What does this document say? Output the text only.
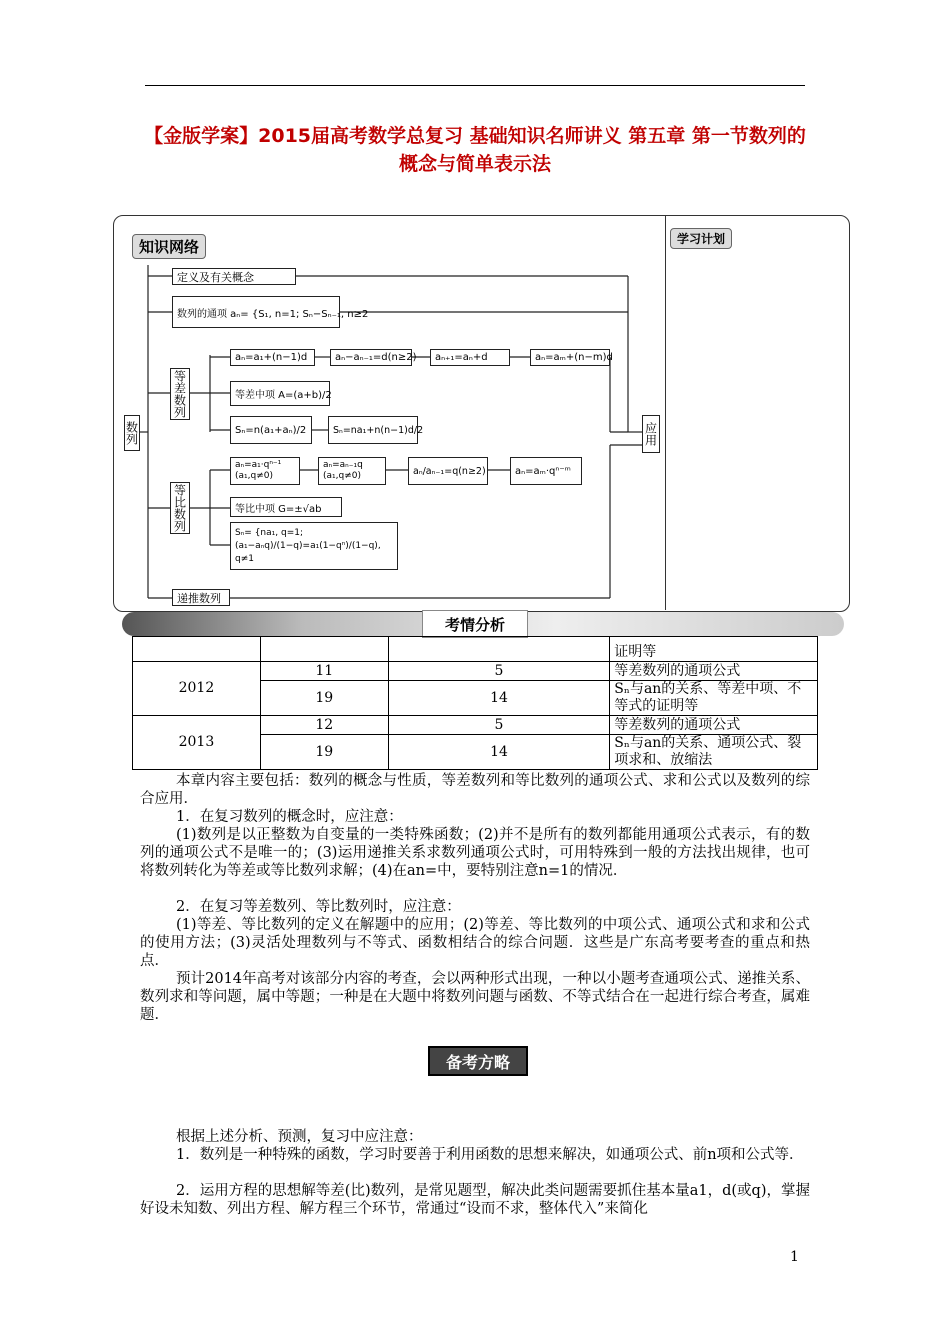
【金版学案】2015届高考数学总复习 基础知识名师讲义 第五章 第一节数列的概念与简单表示法
知识网络	学习计划
数列
定义及有关概念
数列的通项 aₙ= {S₁, n=1; Sₙ−Sₙ₋₁, n≥2
等差数列
等比数列
递推数列
应用
aₙ=a₁+(n−1)d	aₙ−aₙ₋₁=d(n≥2)	aₙ₊₁=aₙ+d	aₙ=aₘ+(n−m)d
等差中项 A=(a+b)/2
Sₙ=n(a₁+aₙ)/2	Sₙ=na₁+n(n−1)d/2
aₙ=a₁·qⁿ⁻¹ (a₁,q≠0)
aₙ=aₙ₋₁q (a₁,q≠0)	aₙ/aₙ₋₁=q(n≥2)	aₙ=aₘ·qⁿ⁻ᵐ
等比中项 G=±√ab
Sₙ= {na₁, q=1; (a₁−aₙq)/(1−q)=a₁(1−qⁿ)/(1−q), q≠1
考情分析
			证明等
2012	11	5	等差数列的通项公式
	19	14	Sₙ与an的关系、等差中项、不等式的证明等
2013	12	5	等差数列的通项公式
	19	14	Sₙ与an的关系、通项公式、裂项求和、放缩法
本章内容主要包括：数列的概念与性质，等差数列和等比数列的通项公式、求和公式以及数列的综合应用．
1．在复习数列的概念时，应注意：
(1)数列是以正整数为自变量的一类特殊函数；(2)并不是所有的数列都能用通项公式表示，有的数列的通项公式不是唯一的；(3)运用递推关系求数列通项公式时，可用特殊到一般的方法找出规律，也可将数列转化为等差或等比数列求解；(4)在an=中，要特别注意n=1的情况．
2．在复习等差数列、等比数列时，应注意：
(1)等差、等比数列的定义在解题中的应用；(2)等差、等比数列的中项公式、通项公式和求和公式的使用方法；(3)灵活处理数列与不等式、函数相结合的综合问题．这些是广东高考要考查的重点和热点．
预计2014年高考对该部分内容的考查，会以两种形式出现，一种以小题考查通项公式、递推关系、数列求和等问题，属中等题；一种是在大题中将数列问题与函数、不等式结合在一起进行综合考查，属难题．
备考方略
根据上述分析、预测，复习中应注意：
1．数列是一种特殊的函数，学习时要善于利用函数的思想来解决，如通项公式、前n项和公式等．
2．运用方程的思想解等差(比)数列，是常见题型，解决此类问题需要抓住基本量a1，d(或q)，掌握好设未知数、列出方程、解方程三个环节，常通过“设而不求，整体代入”来简化
1
